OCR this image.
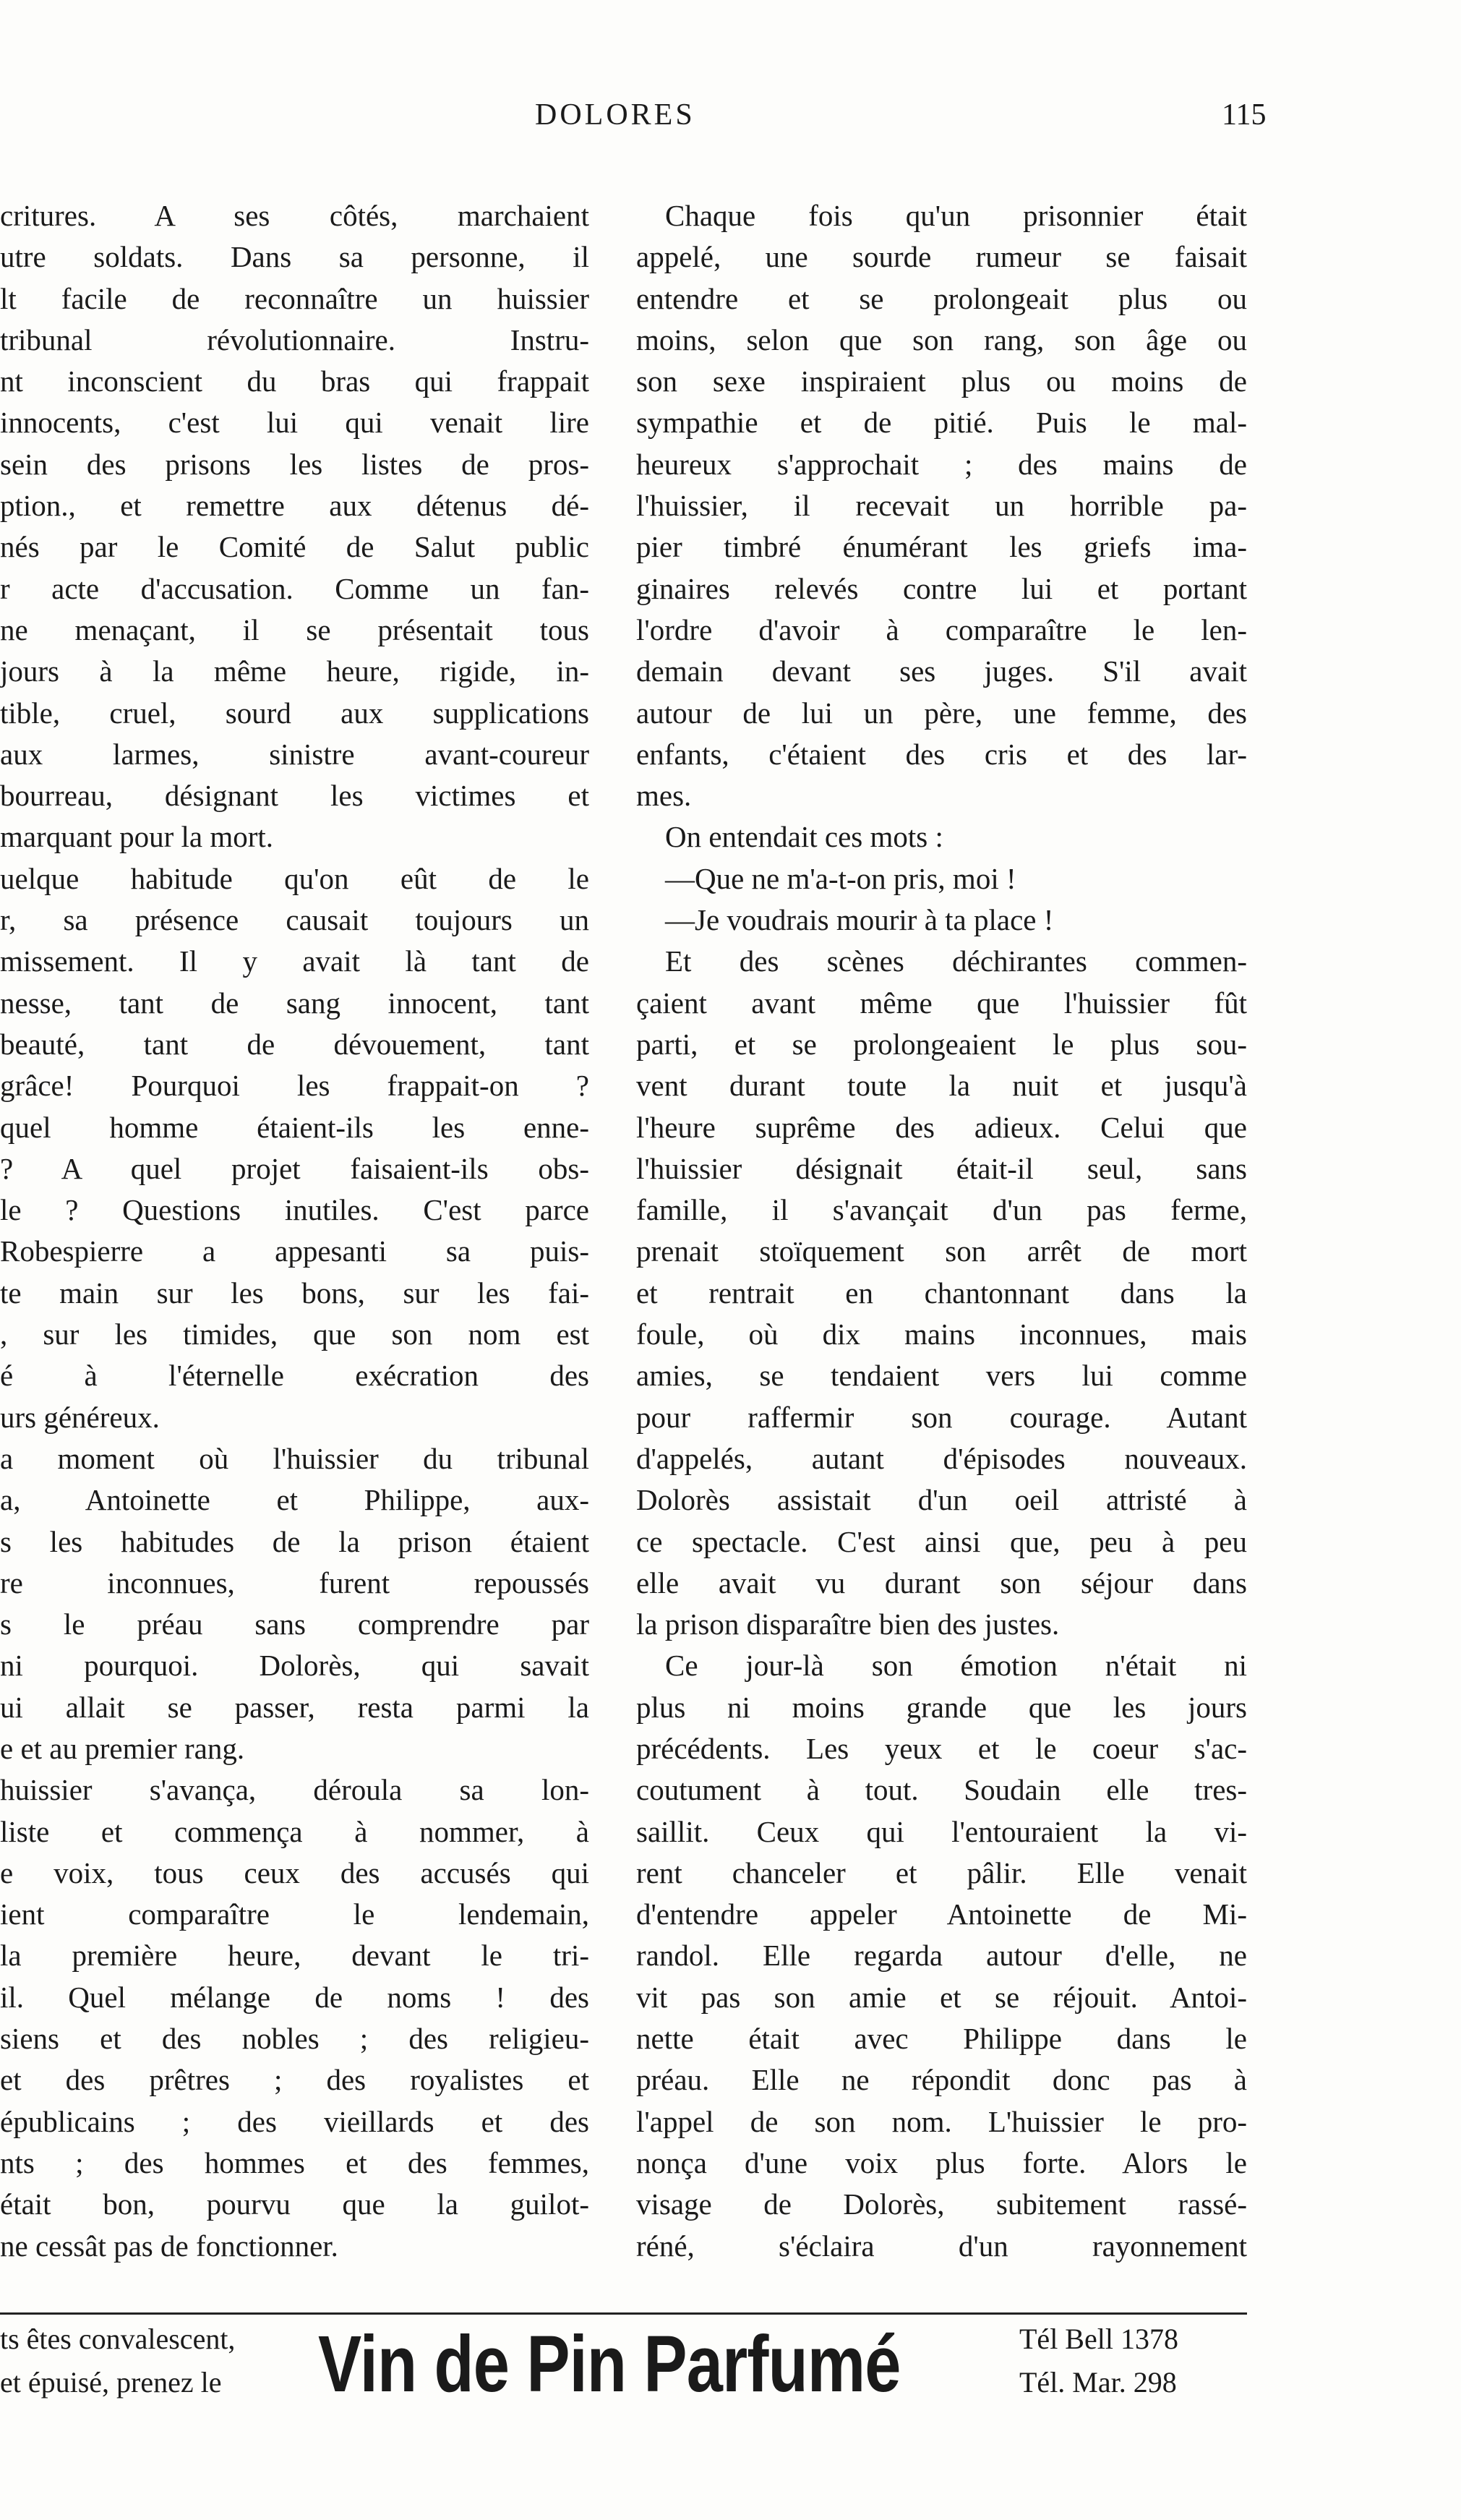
DOLORES	115

critures. A ses côtés, marchaient

utre soldats. Dans sa personne, il

lt facile de reconnaître un huissier

tribunal révolutionnaire. Instru-

nt inconscient du bras qui frappait

innocents, c'est lui qui venait lire

sein des prisons les listes de pros-

ption., et remettre aux détenus dé-

nés par le Comité de Salut public

r acte d'accusation. Comme un fan-

ne menaçant, il se présentait tous

jours à la même heure, rigide, in-

tible, cruel, sourd aux supplications

aux larmes, sinistre avant-coureur

bourreau, désignant les victimes et

marquant pour la mort.

uelque habitude qu'on eût de le

r, sa présence causait toujours un

missement. Il y avait là tant de

nesse, tant de sang innocent, tant

beauté, tant de dévouement, tant

grâce! Pourquoi les frappait-on ?

quel homme étaient-ils les enne-

? A quel projet faisaient-ils obs-

le ? Questions inutiles. C'est parce

Robespierre a appesanti sa puis-

te main sur les bons, sur les fai-

, sur les timides, que son nom est

é à l'éternelle exécration des

urs généreux.

a moment où l'huissier du tribunal

a, Antoinette et Philippe, aux-

s les habitudes de la prison étaient

re inconnues, furent repoussés

s le préau sans comprendre par

ni pourquoi. Dolorès, qui savait

ui allait se passer, resta parmi la

e et au premier rang.

huissier s'avança, déroula sa lon-

liste et commença à nommer, à

e voix, tous ceux des accusés qui

ient comparaître le lendemain,

la première heure, devant le tri-

il. Quel mélange de noms ! des

siens et des nobles ; des religieu-

et des prêtres ; des royalistes et

épublicains ; des vieillards et des

nts ; des hommes et des femmes,

était bon, pourvu que la guilot-

ne cessât pas de fonctionner.

Chaque fois qu'un prisonnier était

appelé, une sourde rumeur se faisait

entendre et se prolongeait plus ou

moins, selon que son rang, son âge ou

son sexe inspiraient plus ou moins de

sympathie et de pitié. Puis le mal-

heureux s'approchait ; des mains de

l'huissier, il recevait un horrible pa-

pier timbré énumérant les griefs ima-

ginaires relevés contre lui et portant

l'ordre d'avoir à comparaître le len-

demain devant ses juges. S'il avait

autour de lui un père, une femme, des

enfants, c'étaient des cris et des lar-

mes.

On entendait ces mots :

—Que ne m'a-t-on pris, moi !

—Je voudrais mourir à ta place !

Et des scènes déchirantes commen-

çaient avant même que l'huissier fût

parti, et se prolongeaient le plus sou-

vent durant toute la nuit et jusqu'à

l'heure suprême des adieux. Celui que

l'huissier désignait était-il seul, sans

famille, il s'avançait d'un pas ferme,

prenait stoïquement son arrêt de mort

et rentrait en chantonnant dans la

foule, où dix mains inconnues, mais

amies, se tendaient vers lui comme

pour raffermir son courage. Autant

d'appelés, autant d'épisodes nouveaux.

Dolorès assistait d'un oeil attristé à

ce spectacle. C'est ainsi que, peu à peu

elle avait vu durant son séjour dans

la prison disparaître bien des justes.

Ce jour-là son émotion n'était ni

plus ni moins grande que les jours

précédents. Les yeux et le coeur s'ac-

coutument à tout. Soudain elle tres-

saillit. Ceux qui l'entouraient la vi-

rent chanceler et pâlir. Elle venait

d'entendre appeler Antoinette de Mi-

randol. Elle regarda autour d'elle, ne

vit pas son amie et se réjouit. Antoi-

nette était avec Philippe dans le

préau. Elle ne répondit donc pas à

l'appel de son nom. L'huissier le pro-

nonça d'une voix plus forte. Alors le

visage de Dolorès, subitement rassé-

réné, s'éclaira d'un rayonnement

ts êtes convalescent,
et épuisé, prenez le	Vin de Pin Parfumé	Tél Bell 1378
Tél. Mar. 298
